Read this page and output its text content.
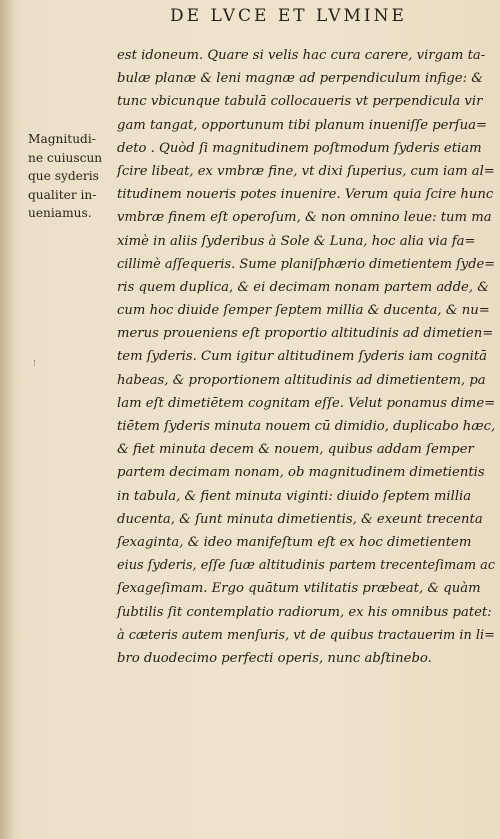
DE LVCE ET LVMINE
Magnitudi-
ne cuiuscun
que syderis
qualiter in-
ueniamus.
est idoneum. Quare si velis hac cura carere, virgam ta-
bulæ planæ & leni magnæ ad perpendiculum infige: &
tunc vbicunque tabulā collocaueris vt perpendicula vir
gam tangat, opportunum tibi planum inueniſſe perſua=
deto . Quòd ſi magnitudinem poſtmodum ſyderis etiam
ſcire libeat, ex vmbræ fine, vt dixi ſuperius, cum iam al=
titudinem noueris potes inuenire. Verum quia ſcire hunc
vmbræ finem eſt operoſum, & non omnino leue: tum ma
ximè in aliis ſyderibus à Sole & Luna, hoc alia via fa=
cillimè aſſequeris. Sume planiſphærio dimetientem ſyde=
ris quem duplica, & ei decimam nonam partem adde, &
cum hoc diuide ſemper ſeptem millia & ducenta, & nu=
merus proueniens eſt proportio altitudinis ad dimetien=
tem ſyderis. Cum igitur altitudinem ſyderis iam cognitā
habeas, & proportionem altitudinis ad dimetientem, pa
lam eſt dimetiētem cognitam eſſe. Velut ponamus dime=
tiētem ſyderis minuta nouem cū dimidio, duplicabo hæc,
& fiet minuta decem & nouem, quibus addam ſemper
partem decimam nonam, ob magnitudinem dimetientis
in tabula, & fient minuta viginti: diuido ſeptem millia
ducenta, & ſunt minuta dimetientis, & exeunt trecenta
ſexaginta, & ideo manifeſtum eſt ex hoc dimetientem
eius ſyderis, eſſe ſuæ altitudinis partem trecenteſimam ac
ſexageſimam. Ergo quātum vtilitatis præbeat, & quàm
ſubtilis ſit contemplatio radiorum, ex his omnibus patet:
à cæteris autem menſuris, vt de quibus tractauerim in li=
bro duodecimo perfecti operis, nunc abſtinebo.
